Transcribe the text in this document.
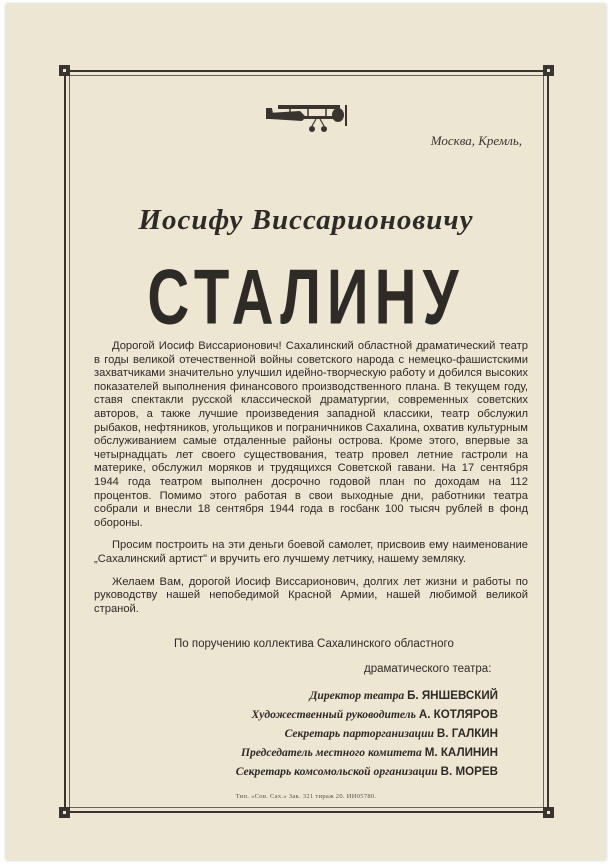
Москва, Кремль,
Иосифу Виссарионовичу
СТАЛИНУ

Дорогой Иосиф Виссарионович! Сахалинский областной драматический театр в годы великой отечественной войны советского народа с немецко-фашистскими захватчиками значительно улучшил идейно-творческую работу и добился высоких показателей выполнения финансового производственного плана. В текущем году, ставя спектакли русской классической драматургии, современных советских авторов, а также лучшие произведения западной классики, театр обслужил рыбаков, нефтяников, угольщиков и пограничников Сахалина, охватив культурным обслуживанием самые отдаленные районы острова. Кроме этого, впервые за четырнадцать лет своего существования, театр провел летние гастроли на материке, обслужил моряков и трудящихся Советской гавани. На 17 сентября 1944 года театром выполнен досрочно годовой план по доходам на 112 процентов. Помимо этого работая в свои выходные дни, работники театра собрали и внесли 18 сентября 1944 года в госбанк 100 тысяч рублей в фонд обороны.

Просим построить на эти деньги боевой самолет, присвоив ему наименование „Сахалинский артист" и вручить его лучшему летчику, нашему земляку.

Желаем Вам, дорогой Иосиф Виссарионович, долгих лет жизни и работы по руководству нашей непобедимой Красной Армии, нашей любимой великой страной.

По поручению коллектива Сахалинского областного
драматического театра:
Директор театра Б. ЯНШЕВСКИЙ
Художественный руководитель А. КОТЛЯРОВ
Секретарь парторганизации В. ГАЛКИН
Председатель местного комитета М. КАЛИНИН
Секретарь комсомольской организации В. МОРЕВ
Тип. «Сов. Сах.» Зак. 321 тираж 20. ИИ05780.
